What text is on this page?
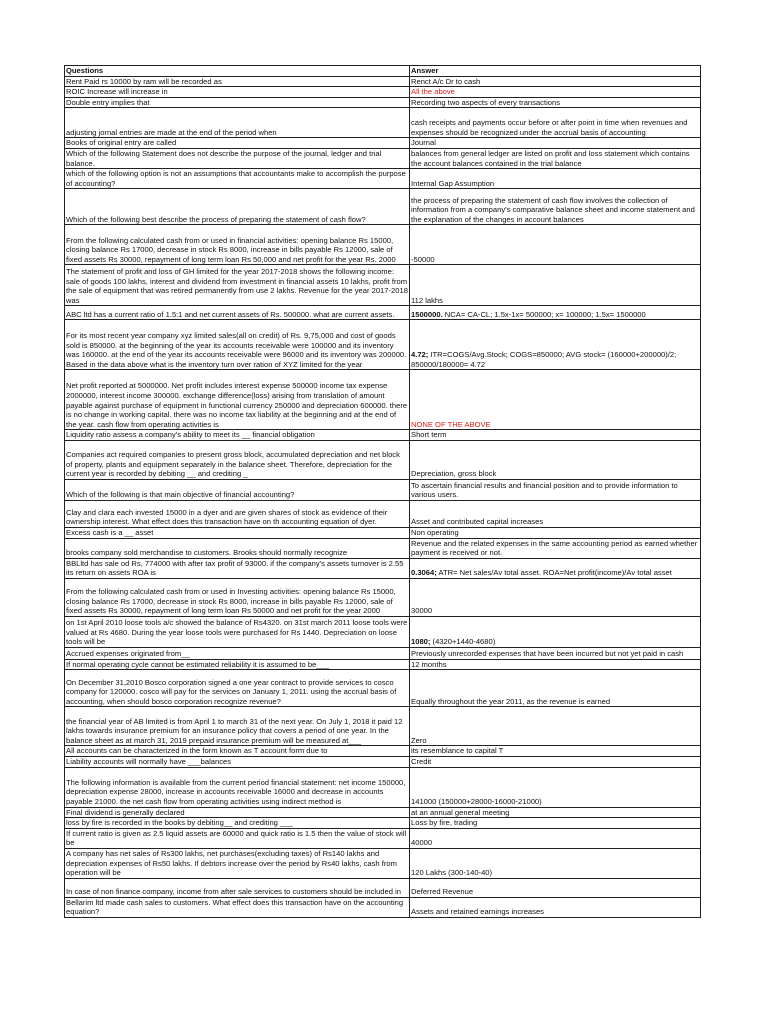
Questions	Answer

Rent Paid rs 10000 by ram will be recorded as	Renct A/c Dr to cash

ROIC Increase will increase in	All the above

Double entry implies that	Recording two aspects of every transactions

adjusting jornal entries are made at the end of the period when	cash receipts and payments occur before or after point in time when revenues and expenses should be recognized under the accrual basis of accounting

Books of original entry are called	Journal

Which of the following Statement does not describe the purpose of the journal, ledger and trial balance.	balances from general ledger are listed on profit and loss statement which contains the account balances contained in the trial balance

which of the following option is not an assumptions that accountants make to accomplish the purpose of accounting?	Internal Gap Assumption

Which of the following best describe the process of preparing the statement of cash flow?	the process of preparing the statement of cash flow involves the collection of information from a company's comparative balance sheet and income statement and the explanation of the changes in account balances

From the following calculated cash from or used in financial activities: opening balance Rs 15000, closing balance Rs 17000, decrease in stock Rs 8000, increase in bills payable Rs 12000, sale of fixed assets Rs 30000, repayment of long term loan Rs 50,000 and net profit for the year Rs. 2000	-50000

The statement of profit and loss of GH limited for the year 2017-2018 shows the following income: sale of goods 100 lakhs, interest and dividend from investment in financial assets 10 lakhs, profit from the sale of equipment that was retired permanently from use 2 lakhs. Revenue for the year 2017-2018 was	112 lakhs

ABC ltd has a current ratio of 1.5:1 and net current assets of Rs. 500000. what are current assets.	1500000. NCA= CA-CL; 1.5x-1x= 500000; x= 100000; 1.5x= 1500000

For its most recent year company xyz limited sales(all on credit) of Rs. 9,75,000 and cost of goods sold is 850000. at the beginning of the year its accounts receivable were 100000 and its inventory was 160000. at the end of the year its accounts receivable were 96000 and its inventory was 200000. Based in the data above what is the inventory turn over ration of XYZ limited for the year	4.72; ITR=COGS/Avg.Stock; COGS=850000; AVG stock= (160000+200000)/2; 850000/180000= 4.72

Net profit reported at 5000000. Net profit includes interest expense 500000 income tax expense 2000000, interest income 300000. exchange difference(loss) arising from translation of amount payable against purchase of equipment in functional currency 250000 and depreciation 600000. there is no change in working capital. there was no income tax liability at the beginning and at the end of the year. cash flow from operating activities is	NONE OF THE ABOVE

Liquidity ratio assess a company's ability to meet its __ financial obligation	Short term

Companies act required companies to present gross block, accumulated depreciation and net block of property, plants and equipment separately in the balance sheet. Therefore, depreciation for the current year is recorded by debiting __ and crediting _	Depreciation, gross block

Which of the following is that main objective of financial accounting?	To ascertain financial results and financial position and to provide information to various users.

Clay and clara each invested 15000 in a dyer and are given shares of stock as evidence of their ownership interest. What effect does this transaction have on th accounting equation of dyer.	Asset and contributed capital increases

Excess cash is a __ asset	Non operating

brooks company sold merchandise to customers. Brooks should normally recognize	Revenue and the related expenses in the same accounting period as earned whether payment is received or not.

BBLltd has sale od Rs, 774000 with after tax profit of 93000. if the company's assets turnover is 2.55 its return on assets ROA is	0.3064; ATR= Net sales/Av total asset. ROA=Net profit(income)/Av total asset

From the following calculated cash from or used in Investing activities: opening balance Rs 15000, closing balance Rs 17000, decrease in stock Rs 8000, increase in bills payable Rs 12000, sale of fixed assets Rs 30000, repayment of long term loan Rs 50000 and net profit for the year 2000	30000

on 1st April 2010 loose tools a/c showed the balance of Rs4320. on 31st march 2011 loose tools were valued at Rs 4680. During the year loose tools were purchased for Rs 1440. Depreciation on loose tools will be	1080; (4320+1440-4680)

Accrued expenses originated from__	Previously unrecorded expenses that have been incurred but not yet paid in cash

If normal operating cycle cannot be estimated reliability it is assumed to be___	12 months

On December 31,2010 Bosco corporation signed a one year contract to provide services to cosco company for 120000. cosco will pay for the services on January 1, 2011. using the accrual basis of accounting, when should bosco corporation recognize revenue?	Equally throughout the year 2011, as the revenue is earned

the financial year of AB limited is from April 1 to march 31 of the next year. On July 1, 2018 it paid 12 lakhs towards insurance premium for an insurance policy that covers a period of one year. In the balance sheet as at march 31, 2019 prepaid insurance premium will be measured at___	Zero

All accounts can be characterized in the form known as T account form due to	its resemblance to capital T

Liability accounts will normally have ___balances	Credit

The following information is available from the current period financial statement: net income 150000, depreciation expense 28000, increase in accounts receivable 16000 and decrease in accounts payable 21000. the net cash flow from operating activities using indirect method is	141000 (150000+28000-16000-21000)

Final dividend is generally declared	at an annual general meeting

loss by fire is recorded in the books by debiting__ and crediting ___	Loss by fire, trading

If current ratio is given as 2.5 liquid assets are 60000 and quick ratio is 1.5 then the value of stock will be	40000

A company has net sales of Rs300 lakhs, net purchases(excluding taxes) of Rs140 lakhs and depreciation expenses of Rs50 lakhs. If debtors increase over the period by Rs40 lakhs, cash from operation will be	120 Lakhs (300-140-40)

In case of non finance company, income from after sale services to customers should be included in	Deferred Revenue

Bellarim ltd made cash sales to customers. What effect does this transaction have on the accounting equation?	Assets and retained earnings increases
